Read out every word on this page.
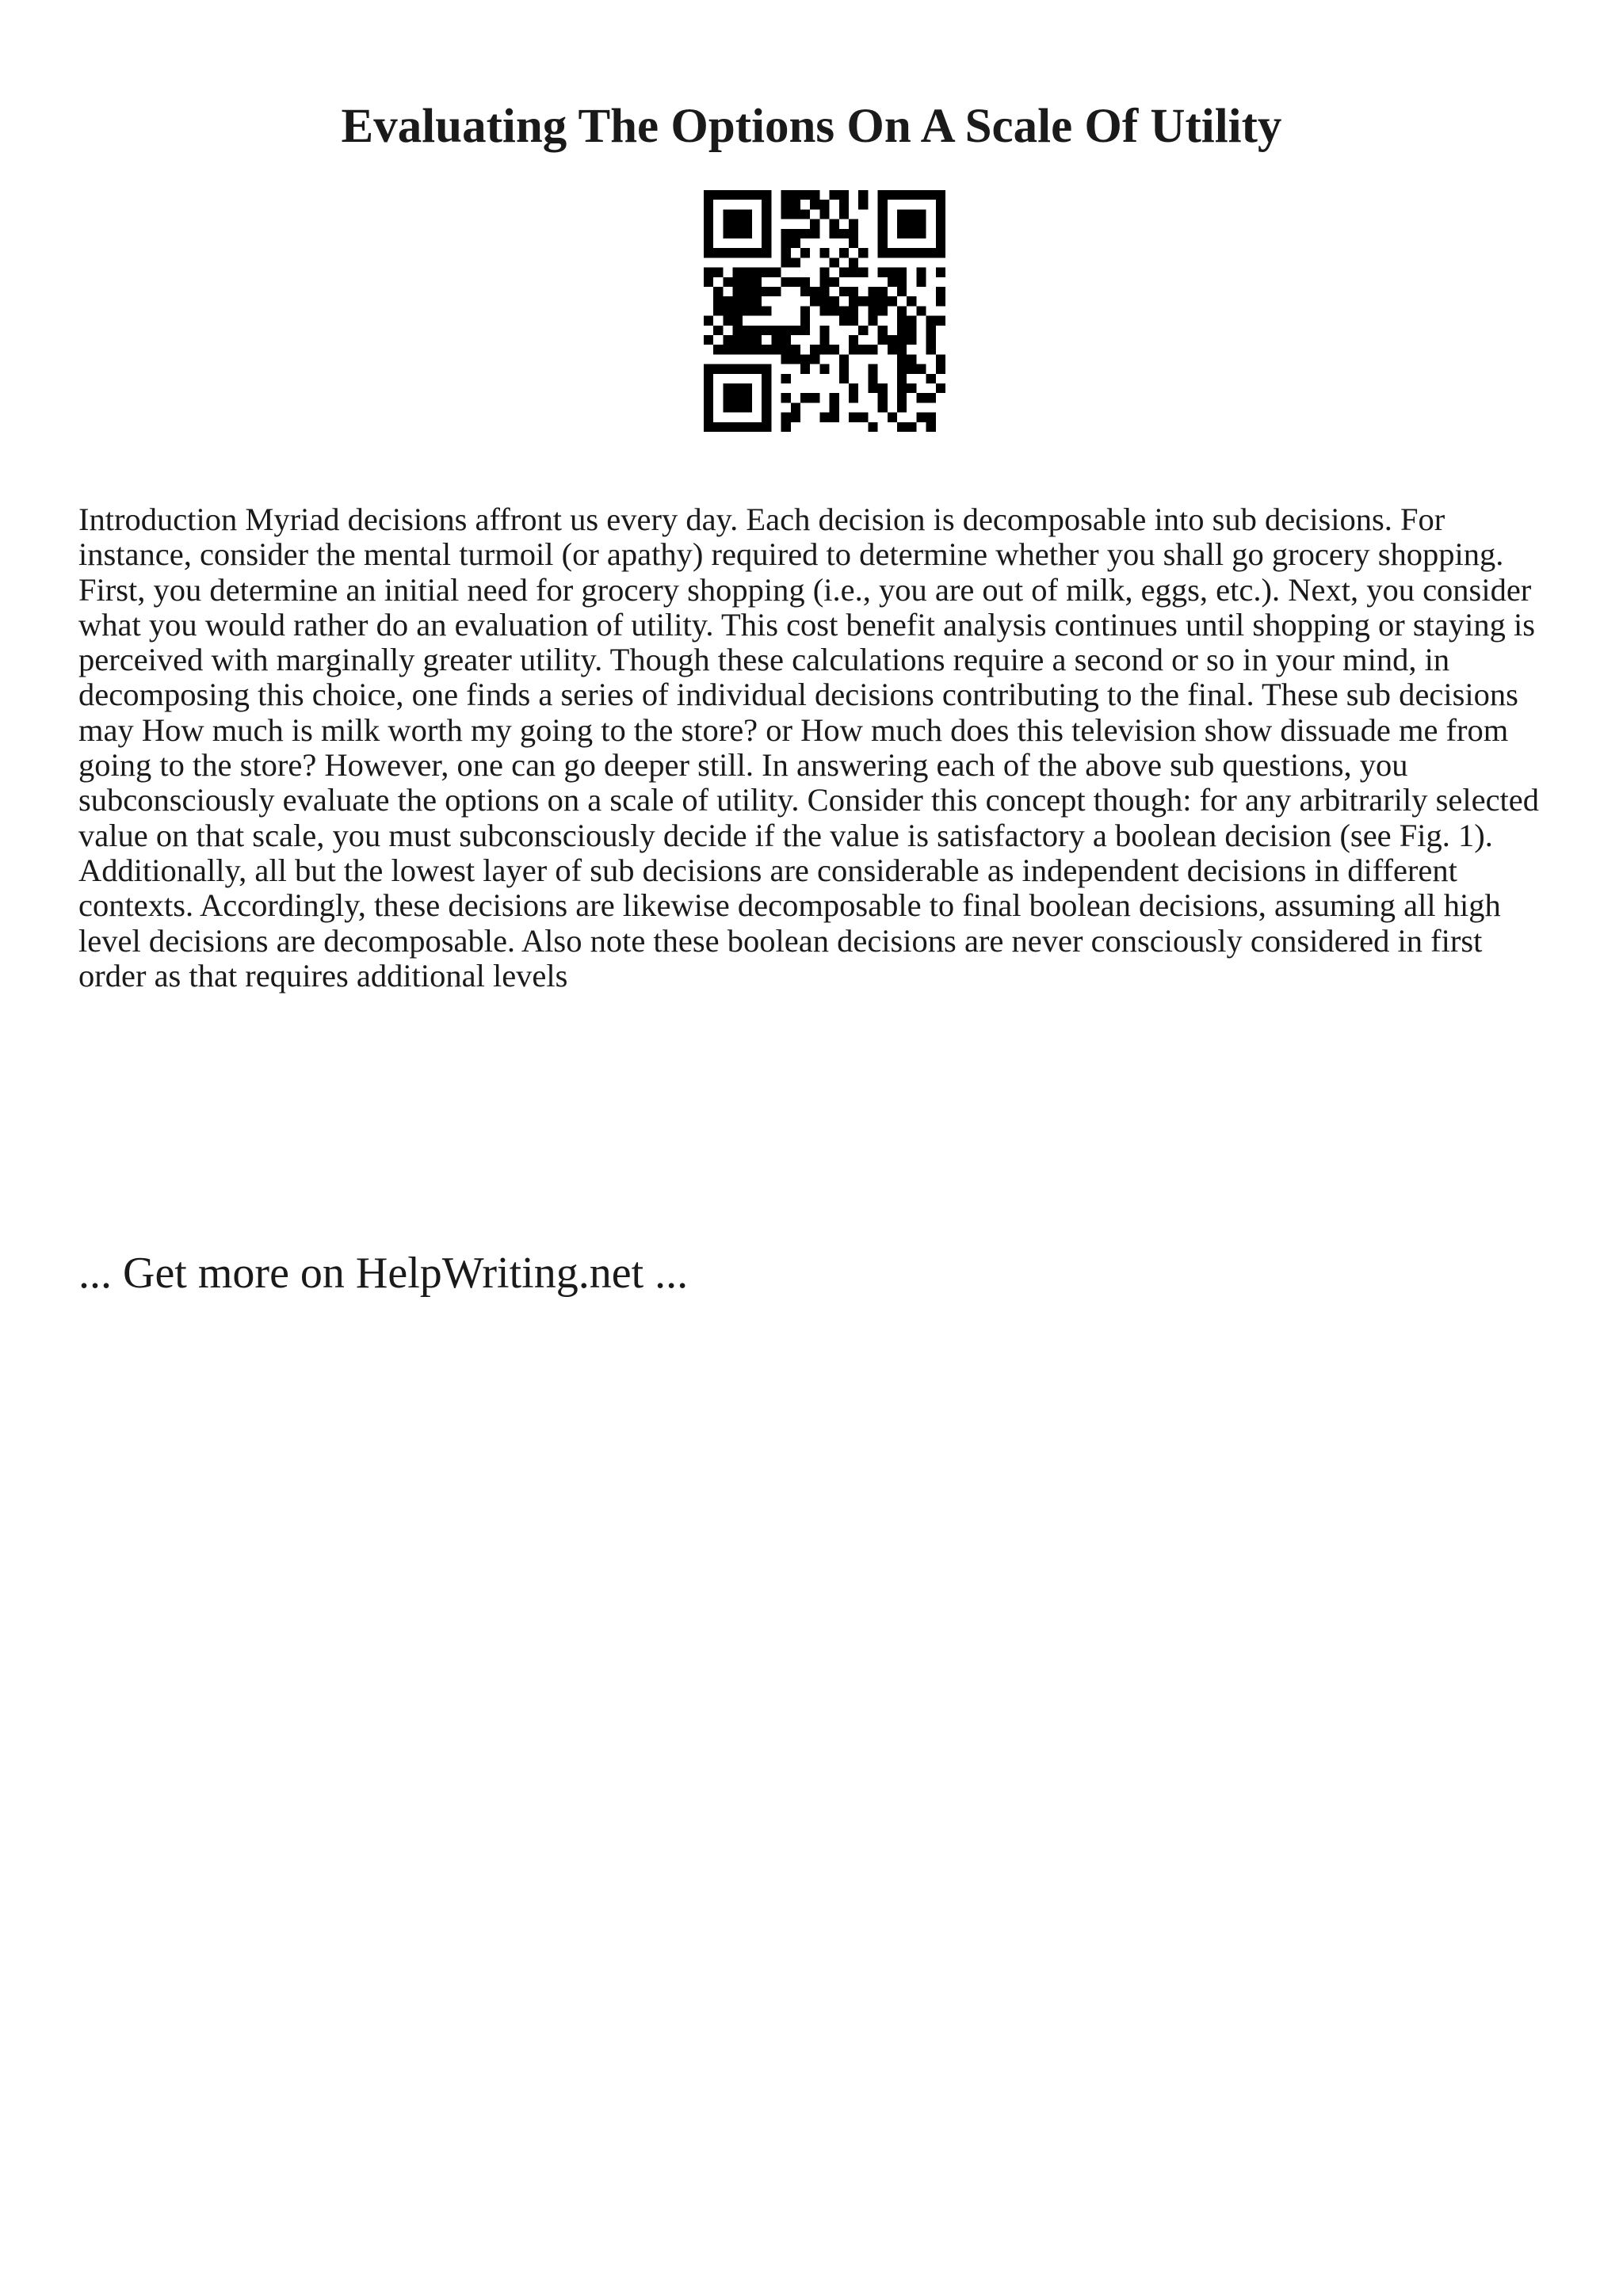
Evaluating The Options On A Scale Of Utility

Introduction Myriad decisions affront us every day. Each decision is decomposable into sub decisions. For instance, consider the mental turmoil (or apathy) required to determine whether you shall go grocery shopping. First, you determine an initial need for grocery shopping (i.e., you are out of milk, eggs, etc.). Next, you consider what you would rather do an evaluation of utility. This cost benefit analysis continues until shopping or staying is perceived with marginally greater utility. Though these calculations require a second or so in your mind, in decomposing this choice, one finds a series of individual decisions contributing to the final. These sub decisions may How much is milk worth my going to the store? or How much does this television show dissuade me from going to the store? However, one can go deeper still. In answering each of the above sub questions, you subconsciously evaluate the options on a scale of utility. Consider this concept though: for any arbitrarily selected value on that scale, you must subconsciously decide if the value is satisfactory a boolean decision (see Fig. 1). Additionally, all but the lowest layer of sub decisions are considerable as independent decisions in different contexts. Accordingly, these decisions are likewise decomposable to final boolean decisions, assuming all high level decisions are decomposable. Also note these boolean decisions are never consciously considered in first order as that requires additional levels

... Get more on HelpWriting.net ...
